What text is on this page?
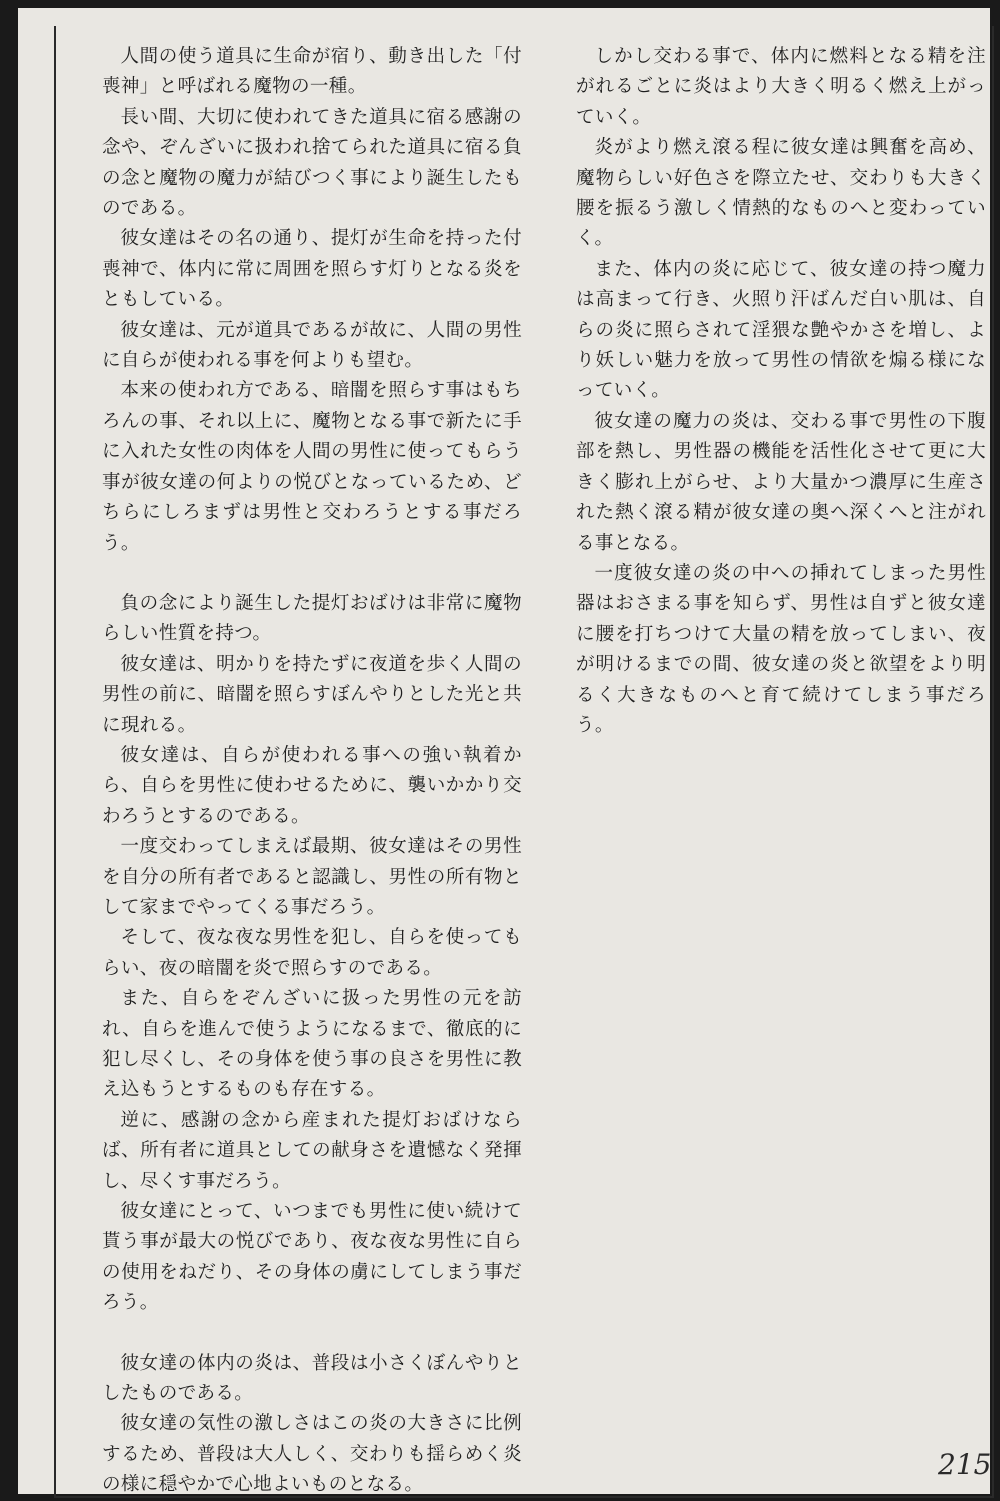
人間の使う道具に生命が宿り、動き出した「付喪神」と呼ばれる魔物の一種。

長い間、大切に使われてきた道具に宿る感謝の念や、ぞんざいに扱われ捨てられた道具に宿る負の念と魔物の魔力が結びつく事により誕生したものである。

彼女達はその名の通り、提灯が生命を持った付喪神で、体内に常に周囲を照らす灯りとなる炎をともしている。

彼女達は、元が道具であるが故に、人間の男性に自らが使われる事を何よりも望む。

本来の使われ方である、暗闇を照らす事はもちろんの事、それ以上に、魔物となる事で新たに手に入れた女性の肉体を人間の男性に使ってもらう事が彼女達の何よりの悦びとなっているため、どちらにしろまずは男性と交わろうとする事だろう。

負の念により誕生した提灯おばけは非常に魔物らしい性質を持つ。

彼女達は、明かりを持たずに夜道を歩く人間の男性の前に、暗闇を照らすぼんやりとした光と共に現れる。

彼女達は、自らが使われる事への強い執着から、自らを男性に使わせるために、襲いかかり交わろうとするのである。

一度交わってしまえば最期、彼女達はその男性を自分の所有者であると認識し、男性の所有物として家までやってくる事だろう。

そして、夜な夜な男性を犯し、自らを使ってもらい、夜の暗闇を炎で照らすのである。

また、自らをぞんざいに扱った男性の元を訪れ、自らを進んで使うようになるまで、徹底的に犯し尽くし、その身体を使う事の良さを男性に教え込もうとするものも存在する。

逆に、感謝の念から産まれた提灯おばけならば、所有者に道具としての献身さを遺憾なく発揮し、尽くす事だろう。

彼女達にとって、いつまでも男性に使い続けて貰う事が最大の悦びであり、夜な夜な男性に自らの使用をねだり、その身体の虜にしてしまう事だろう。

彼女達の体内の炎は、普段は小さくぼんやりとしたものである。

彼女達の気性の激しさはこの炎の大きさに比例するため、普段は大人しく、交わりも揺らめく炎の様に穏やかで心地よいものとなる。

しかし交わる事で、体内に燃料となる精を注がれるごとに炎はより大きく明るく燃え上がっていく。

炎がより燃え滾る程に彼女達は興奮を高め、魔物らしい好色さを際立たせ、交わりも大きく腰を振るう激しく情熱的なものへと変わっていく。

また、体内の炎に応じて、彼女達の持つ魔力は高まって行き、火照り汗ばんだ白い肌は、自らの炎に照らされて淫猥な艶やかさを増し、より妖しい魅力を放って男性の情欲を煽る様になっていく。

彼女達の魔力の炎は、交わる事で男性の下腹部を熱し、男性器の機能を活性化させて更に大きく膨れ上がらせ、より大量かつ濃厚に生産された熱く滾る精が彼女達の奥へ深くへと注がれる事となる。

一度彼女達の炎の中への挿れてしまった男性器はおさまる事を知らず、男性は自ずと彼女達に腰を打ちつけて大量の精を放ってしまい、夜が明けるまでの間、彼女達の炎と欲望をより明るく大きなものへと育て続けてしまう事だろう。

215
